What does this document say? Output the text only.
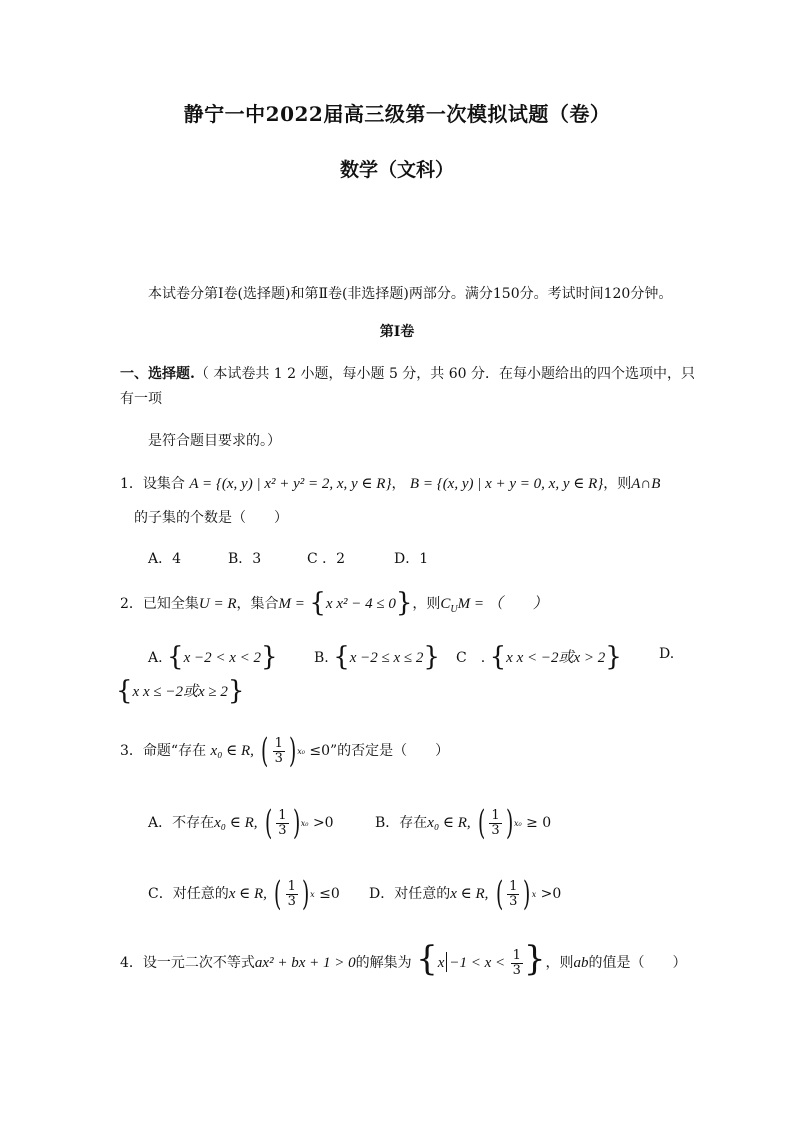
静宁一中2022届高三级第一次模拟试题（卷）
数学（文科）
本试卷分第Ⅰ卷(选择题)和第Ⅱ卷(非选择题)两部分。满分150分。考试时间120分钟。
第Ⅰ卷
一、选择题.（ 本试卷共 1 2 小题，每小题 5 分，共 60 分．在每小题给出的四个选项中，只
有一项
是符合题目要求的。）
1．设集合 A = {(x, y) | x² + y² = 2, x, y ∈ R}， B = {(x, y) | x + y = 0, x, y ∈ R}，则A∩B
的子集的个数是（　　）
A．4	B．3	C ．2	D．1
2．已知全集U = R，集合M = {x x² − 4 ≤ 0}，则$C_UM$ = （　　）
A. {x −2 < x < 2}	B. {x −2 ≤ x ≤ 2} C　. {x x < −2或x > 2}	D.
{x x ≤ −2或x ≥ 2}
3．命题“存在 x₀ ∈ R, ( $\frac{1}{3}$ ) x₀ ≤0”的否定是（　　）
A．不存在x₀ ∈ R, ( $\frac{1}{3}$ ) x₀ >0	B．存在x₀ ∈ R, ( $\frac{1}{3}$ ) x₀ ≥ 0
C．对任意的x ∈ R, ( $\frac{1}{3}$ ) x ≤0 D．对任意的x ∈ R, ( $\frac{1}{3}$ ) x >0
4．设一元二次不等式ax² + bx + 1 > 0的解集为 {$x -1 < x < \frac{1}{3}$ }，则ab的值是（　　）
